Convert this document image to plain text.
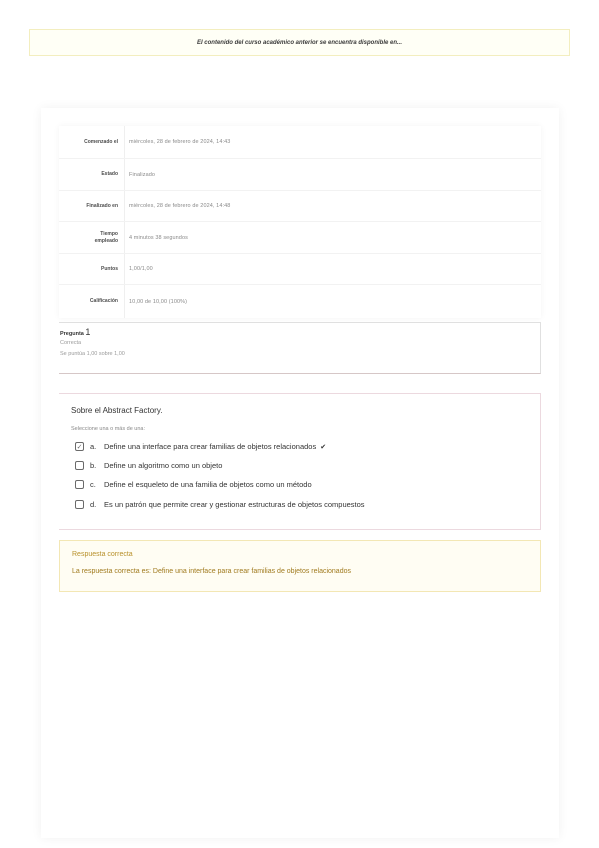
El contenido del curso académico anterior se encuentra disponible en...
Comenzado el	miércoles, 28 de febrero de 2024, 14:43
Estado	Finalizado
Finalizado en	miércoles, 28 de febrero de 2024, 14:48
Tiempo
empleado	4 minutos 38 segundos
Puntos	1,00/1,00
Calificación	10,00 de 10,00 (100%)
Pregunta 1
Correcta
Se puntúa 1,00 sobre 1,00
Sobre el Abstract Factory.
Seleccione una o más de una:
✓ a.	Define una interface para crear familias de objetos relacionados ✔
b.	Define un algoritmo como un objeto
c.	Define el esqueleto de una familia de objetos como un método
d.	Es un patrón que permite crear y gestionar estructuras de objetos compuestos
Respuesta correcta
La respuesta correcta es: Define una interface para crear familias de objetos relacionados
